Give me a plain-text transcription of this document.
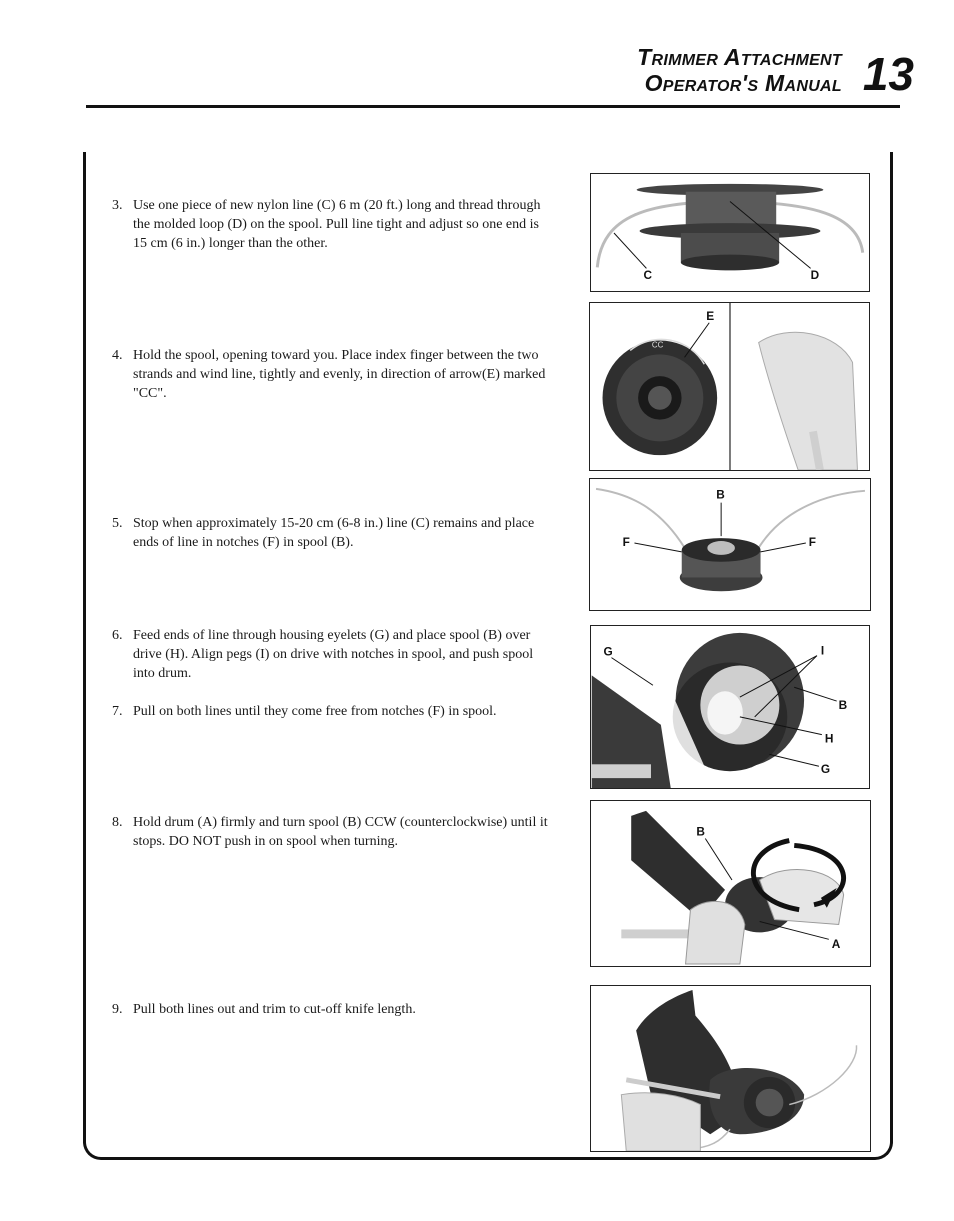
Trimmer Attachment
Operator's Manual 13
3. Use one piece of new nylon line (C) 6 m (20 ft.) long and thread through the molded loop (D) on the spool. Pull line tight and adjust so one end is 15 cm (6 in.) longer than the other.
4. Hold the spool, opening toward you. Place index finger between the two strands and wind line, tightly and evenly, in direction of arrow(E) marked "CC".
5. Stop when approximately 15-20 cm (6-8 in.) line (C) remains and place ends of line in notches (F) in spool (B).
6. Feed ends of line through housing eyelets (G) and place spool (B) over drive (H). Align pegs (I) on drive with notches in spool, and push spool into drum.
7. Pull on both lines until they come free from notches (F) in spool.
8. Hold drum (A) firmly and turn spool (B) CCW (counterclockwise) until it stops. DO NOT push in on spool when turning.
9. Pull both lines out and trim to cut-off knife length.
C	D
CC
E
B
F	F
G	I
B
H
G
B
A
